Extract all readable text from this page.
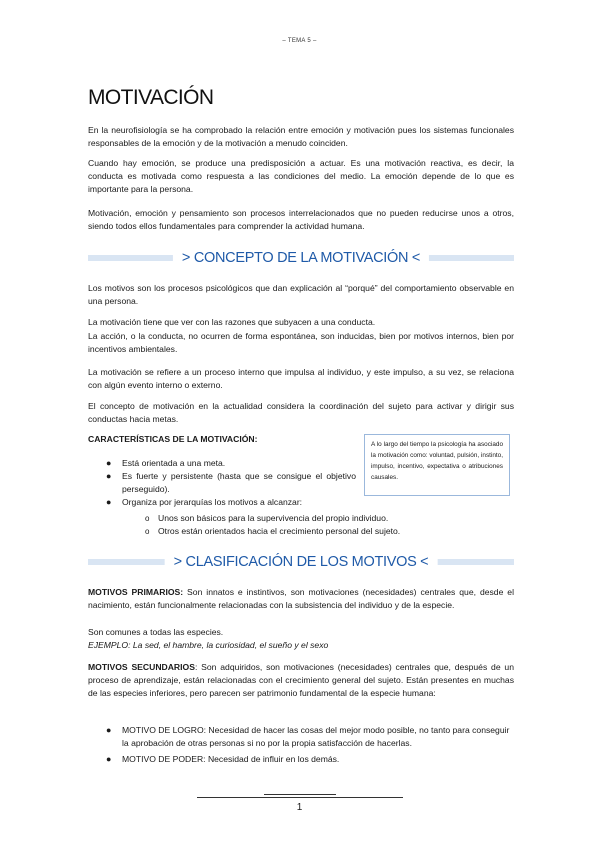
– TEMA 5 –
MOTIVACIÓN

En la neurofisiología se ha comprobado la relación entre emoción y motivación pues los sistemas funcionales responsables de la emoción y de la motivación a menudo coinciden.

Cuando hay emoción, se produce una predisposición a actuar. Es una motivación reactiva, es decir, la conducta es motivada como respuesta a las condiciones del medio. La emoción depende de lo que es importante para la persona.

Motivación, emoción y pensamiento son procesos interrelacionados que no pueden reducirse unos a otros, siendo todos ellos fundamentales para comprender la actividad humana.

> CONCEPTO DE LA MOTIVACIÓN <

Los motivos son los procesos psicológicos que dan explicación al “porqué” del comportamiento observable en una persona.

La motivación tiene que ver con las razones que subyacen a una conducta.

La acción, o la conducta, no ocurren de forma espontánea, son inducidas, bien por motivos internos, bien por incentivos ambientales.

La motivación se refiere a un proceso interno que impulsa al individuo, y este impulso, a su vez, se relaciona con algún evento interno o externo.

El concepto de motivación en la actualidad considera la coordinación del sujeto para activar y dirigir sus conductas hacia metas.

CARACTERÍSTICAS DE LA MOTIVACIÓN:
● Está orientada a una meta.
● Es fuerte y persistente (hasta que se consigue el objetivo perseguido).
● Organiza por jerarquías los motivos a alcanzar:
o Unos son básicos para la supervivencia del propio individuo.
o Otros están orientados hacia el crecimiento personal del sujeto.
A lo largo del tiempo la psicología ha asociado la motivación como: voluntad, pulsión, instinto, impulso, incentivo, expectativa o atribuciones causales.
> CLASIFICACIÓN DE LOS MOTIVOS <

MOTIVOS PRIMARIOS: Son innatos e instintivos, son motivaciones (necesidades) centrales que, desde el nacimiento, están funcionalmente relacionadas con la subsistencia del individuo y de la especie.

Son comunes a todas las especies.
EJEMPLO: La sed, el hambre, la curiosidad, el sueño y el sexo

MOTIVOS SECUNDARIOS: Son adquiridos, son motivaciones (necesidades) centrales que, después de un proceso de aprendizaje, están relacionadas con el crecimiento general del sujeto. Están presentes en muchas de las especies inferiores, pero parecen ser patrimonio fundamental de la especie humana:

● MOTIVO DE LOGRO: Necesidad de hacer las cosas del mejor modo posible, no tanto para conseguir la aprobación de otras personas si no por la propia satisfacción de hacerlas.
● MOTIVO DE PODER: Necesidad de influir en los demás.
1
